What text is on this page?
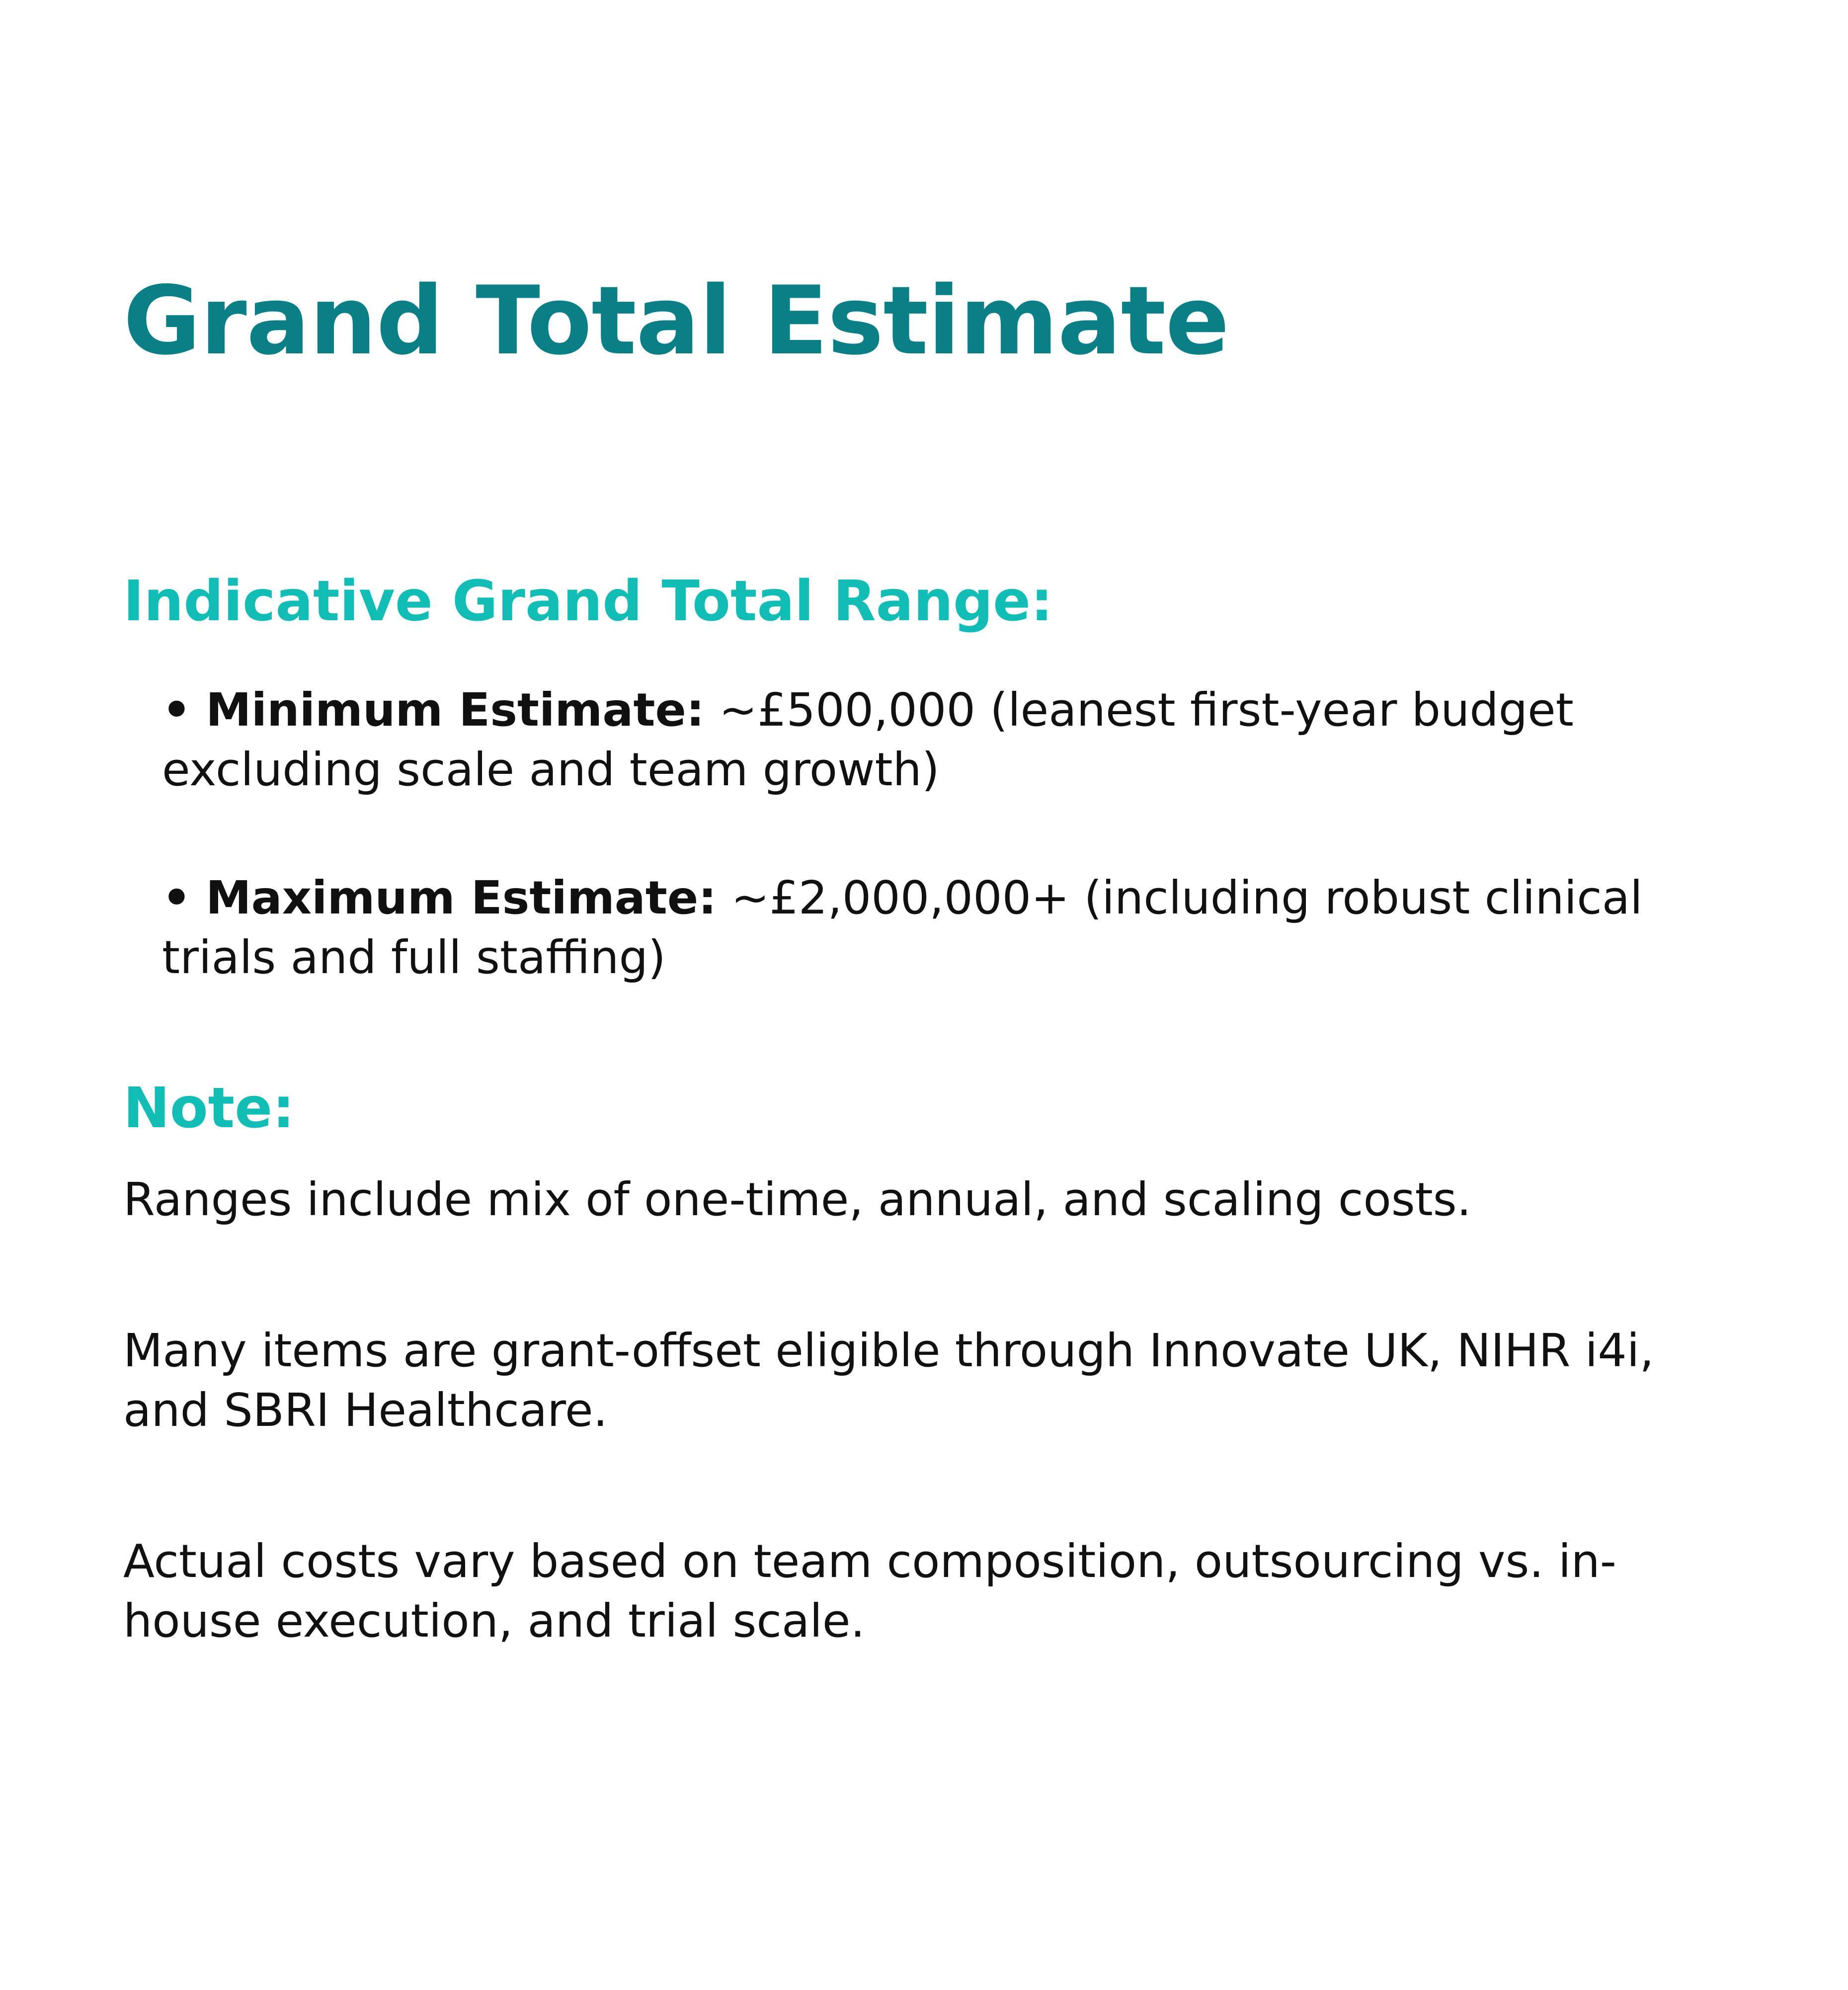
Grand Total Estimate
Indicative Grand Total Range:
• Minimum Estimate: ~£500,000 (leanest first-year budget excluding scale and team growth)
• Maximum Estimate: ~£2,000,000+ (including robust clinical trials and full staffing)
Note:

Ranges include mix of one-time, annual, and scaling costs.

Many items are grant-offset eligible through Innovate UK, NIHR i4i, and SBRI Healthcare.

Actual costs vary based on team composition, outsourcing vs. in-house execution, and trial scale.
